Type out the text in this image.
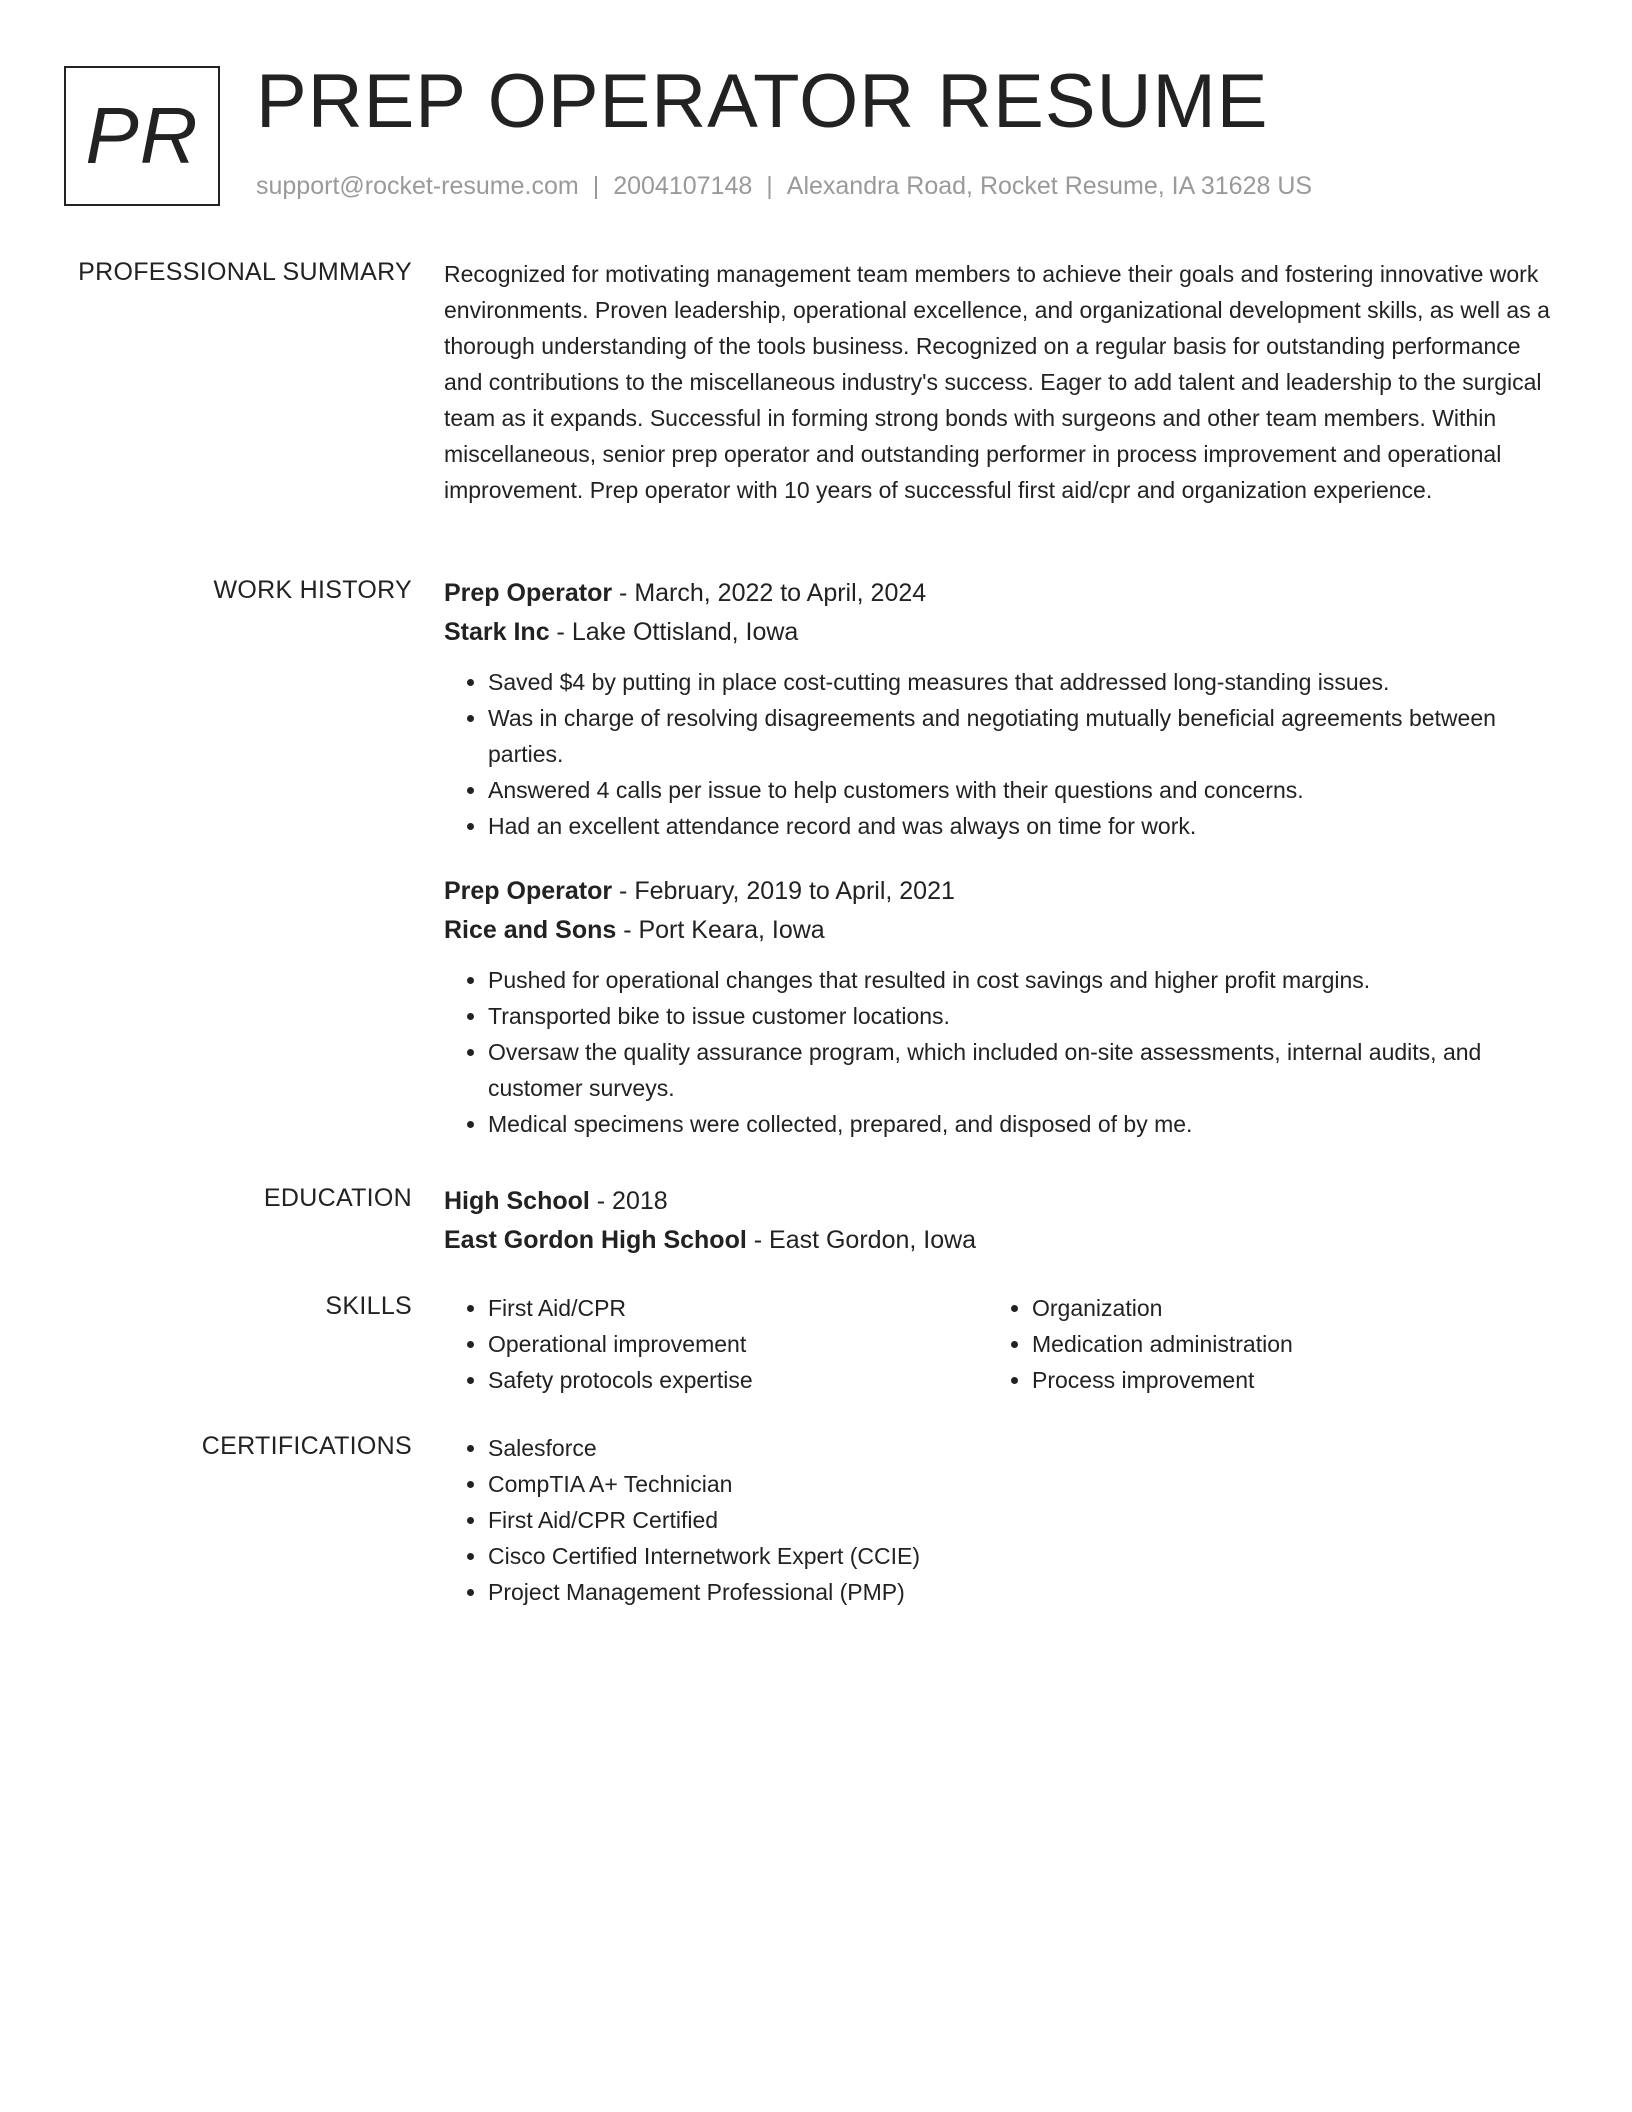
PR PREP OPERATOR RESUME
support@rocket-resume.com | 2004107148 | Alexandra Road, Rocket Resume, IA 31628 US
PROFESSIONAL SUMMARY Recognized for motivating management team members to achieve their goals and fostering innovative work environments. Proven leadership, operational excellence, and organizational development skills, as well as a thorough understanding of the tools business. Recognized on a regular basis for outstanding performance and contributions to the miscellaneous industry's success. Eager to add talent and leadership to the surgical team as it expands. Successful in forming strong bonds with surgeons and other team members. Within miscellaneous, senior prep operator and outstanding performer in process improvement and operational improvement. Prep operator with 10 years of successful first aid/cpr and organization experience.

WORK HISTORY Prep Operator - March, 2022 to April, 2024
Stark Inc - Lake Ottisland, Iowa
• Saved $4 by putting in place cost-cutting measures that addressed long-standing issues.
• Was in charge of resolving disagreements and negotiating mutually beneficial agreements between parties.
• Answered 4 calls per issue to help customers with their questions and concerns.
• Had an excellent attendance record and was always on time for work.
Prep Operator - February, 2019 to April, 2021
Rice and Sons - Port Keara, Iowa
• Pushed for operational changes that resulted in cost savings and higher profit margins.
• Transported bike to issue customer locations.
• Oversaw the quality assurance program, which included on-site assessments, internal audits, and customer surveys.
• Medical specimens were collected, prepared, and disposed of by me.
EDUCATION High School - 2018
East Gordon High School - East Gordon, Iowa
SKILLS	• First Aid/CPR
• Operational improvement
• Safety protocols expertise
• Organization
• Medication administration
• Process improvement
CERTIFICATIONS	• Salesforce
• CompTIA A+ Technician
• First Aid/CPR Certified
• Cisco Certified Internetwork Expert (CCIE)
• Project Management Professional (PMP)
